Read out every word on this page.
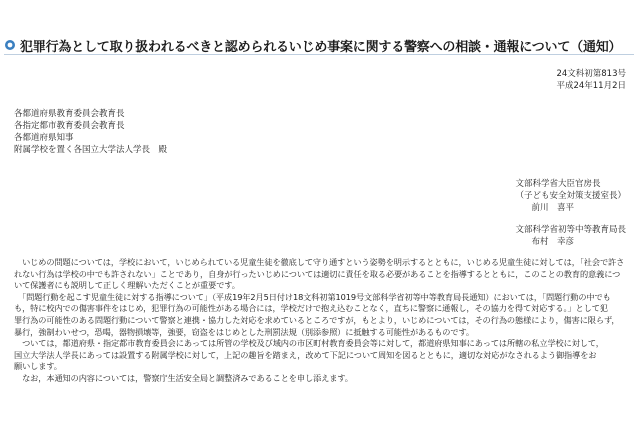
犯罪行為として取り扱われるべきと認められるいじめ事案に関する警察への相談・通報について（通知）
24文科初第813号
平成24年11月2日
各都道府県教育委員会教育長
各指定都市教育委員会教育長
各都道府県知事
附属学校を置く各国立大学法人学長　殿
文部科学省大臣官房長
（子ども安全対策支援室長）
前川　喜平
文部科学省初等中等教育局長
布村　幸彦

　いじめの問題については，学校において，いじめられている児童生徒を徹底して守り通すという姿勢を明示するとともに，いじめる児童生徒に対しては，「社会で許さ
れない行為は学校の中でも許されない」ことであり，自身が行ったいじめについては適切に責任を取る必要があることを指導するとともに，このことの教育的意義につ
いて保護者にも説明して正しく理解いただくことが重要です。

　「問題行動を起こす児童生徒に対する指導について」（平成19年2月5日付け18文科初第1019号文部科学省初等中等教育局長通知）においては，「問題行動の中でも
も，特に校内での傷害事件をはじめ，犯罪行為の可能性がある場合には，学校だけで抱え込むことなく，直ちに警察に通報し，その協力を得て対応する。」として犯
罪行為の可能性のある問題行動について警察と連携・協力した対応を求めているところですが，もとより，いじめについては，その行為の態様により，傷害に限らず，
暴行，強制わいせつ，恐喝，器物損壊等，強要，窃盗をはじめとした刑罰法規（別添参照）に抵触する可能性があるものです。

　ついては，都道府県・指定都市教育委員会にあっては所管の学校及び域内の市区町村教育委員会等に対して，都道府県知事にあっては所轄の私立学校に対して，
国立大学法人学長にあっては設置する附属学校に対して，上記の趣旨を踏まえ，改めて下記について周知を図るとともに，適切な対応がなされるよう御指導をお
願いします。

　なお，本通知の内容については，警察庁生活安全局と調整済みであることを申し添えます。
